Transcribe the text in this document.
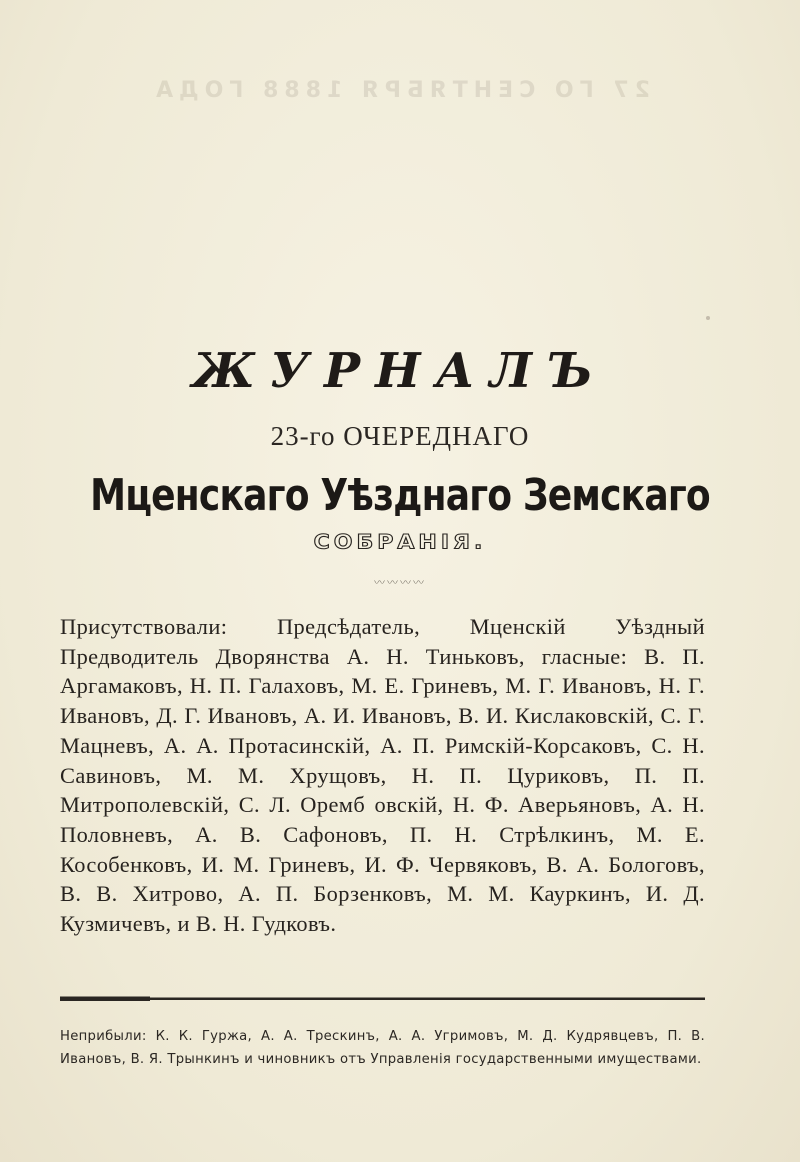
27 ГО СЕНТЯБРЯ 1888 ГОДА
ЖУРНАЛЪ
23-го ОЧЕРЕДНАГО
Мценскаго Уѣзднаго Земскаго
СОБРАНІЯ.
〰〰〰〰

Присутствовали: Предсѣдатель, Мценскій Уѣздный Предводитель Дворянства А. Н. Тиньковъ, гласные: В. П. Аргамаковъ, Н. П. Галаховъ, М. Е. Гриневъ, М. Г. Ивановъ, Н. Г. Ивановъ, Д. Г. Ивановъ, А. И. Ивановъ, В. И. Кислаковскій, С. Г. Мацневъ, А. А. Протасинскій, А. П. Римскій-Корсаковъ, С. Н. Савиновъ, М. М. Хрущовъ, Н. П. Цуриковъ, П. П. Митрополевскій, С. Л. Оремб овскій, Н. Ф. Аверьяновъ, А. Н. Половневъ, А. В. Сафоновъ, П. Н. Стрѣлкинъ, М. Е. Кособенковъ, И. М. Гриневъ, И. Ф. Червяковъ, В. А. Бологовъ, В. В. Хитрово, А. П. Борзенковъ, М. М. Кауркинъ, И. Д. Кузмичевъ, и В. Н. Гудковъ.

Неприбыли: К. К. Гуржа, А. А. Трескинъ, А. А. Угримовъ, М. Д. Кудрявцевъ, П. В. Ивановъ, В. Я. Трынкинъ и чиновникъ отъ Управленія государственными имуществами.
